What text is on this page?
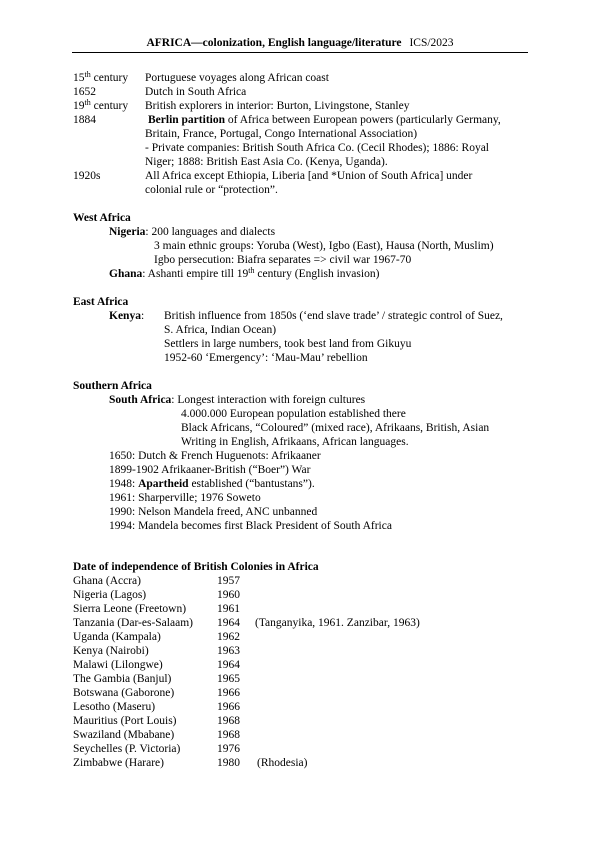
AFRICA—colonization, English language/literature ICS/2023
15th century Portuguese voyages along African coast
1652	Dutch in South Africa
19th century British explorers in interior: Burton, Livingstone, Stanley
1884	Berlin partition of Africa between European powers (particularly Germany,
Britain, France, Portugal, Congo International Association)
- Private companies: British South Africa Co. (Cecil Rhodes); 1886: Royal
Niger; 1888: British East Asia Co. (Kenya, Uganda).
1920s	All Africa except Ethiopia, Liberia [and *Union of South Africa] under
colonial rule or “protection”.
West Africa
Nigeria: 200 languages and dialects
3 main ethnic groups: Yoruba (West), Igbo (East), Hausa (North, Muslim)
Igbo persecution: Biafra separates => civil war 1967-70
Ghana: Ashanti empire till 19th century (English invasion)
East Africa
Kenya: British influence from 1850s (‘end slave trade’ / strategic control of Suez,
S. Africa, Indian Ocean)
Settlers in large numbers, took best land from Gikuyu
1952-60 ‘Emergency’: ‘Mau-Mau’ rebellion
Southern Africa
South Africa: Longest interaction with foreign cultures
4.000.000 European population established there
Black Africans, “Coloured” (mixed race), Afrikaans, British, Asian
Writing in English, Afrikaans, African languages.
1650: Dutch & French Huguenots: Afrikaaner
1899-1902 Afrikaaner-British (“Boer”) War
1948: Apartheid established (“bantustans”).
1961: Sharperville; 1976 Soweto
1990: Nelson Mandela freed, ANC unbanned
1994: Mandela becomes first Black President of South Africa
Date of independence of British Colonies in Africa
Ghana (Accra)	1957
Nigeria (Lagos)	1960
Sierra Leone (Freetown)	1961
Tanzania (Dar-es-Salaam) 1964 (Tanganyika, 1961. Zanzibar, 1963)
Uganda (Kampala)	1962
Kenya (Nairobi)	1963
Malawi (Lilongwe)	1964
The Gambia (Banjul)	1965
Botswana (Gaborone)	1966
Lesotho (Maseru)	1966
Mauritius (Port Louis)	1968
Swaziland (Mbabane)	1968
Seychelles (P. Victoria)	1976
Zimbabwe (Harare)	1980 (Rhodesia)
